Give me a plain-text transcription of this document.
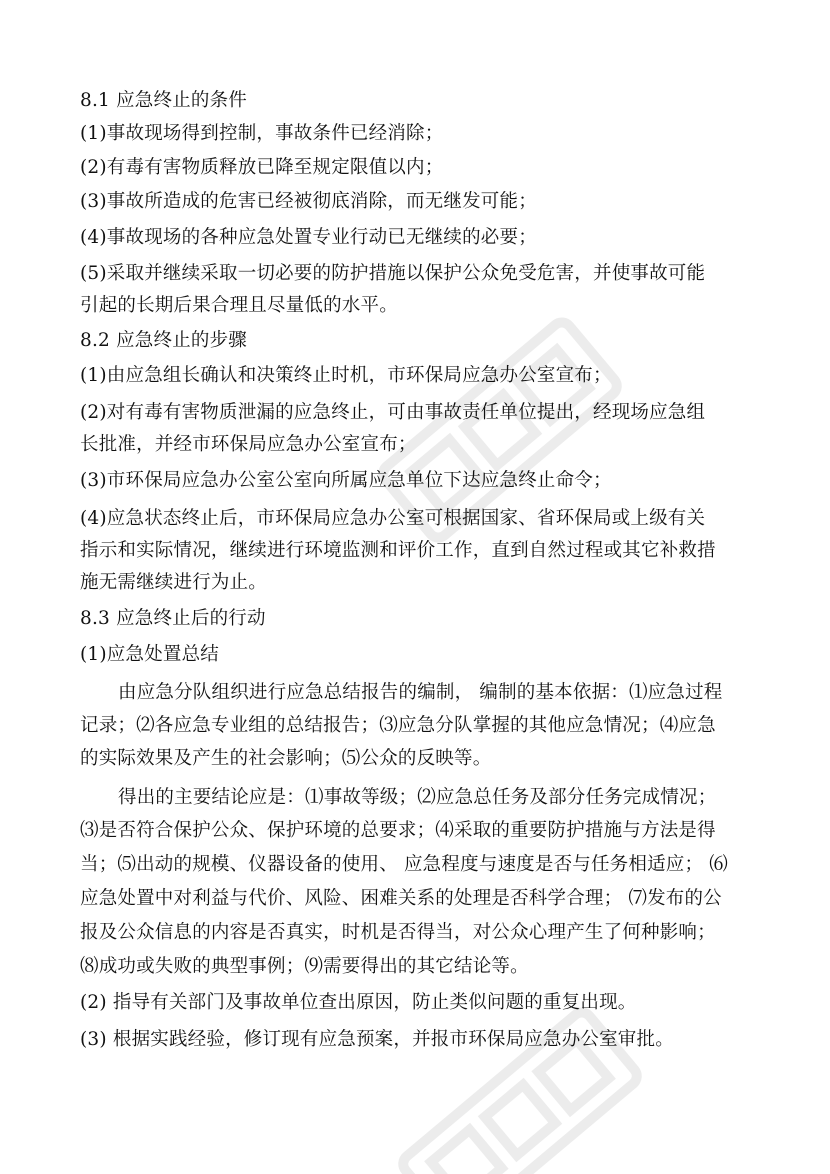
8.1 应急终止的条件
(1)事故现场得到控制，事故条件已经消除；
(2)有毒有害物质释放已降至规定限值以内；
(3)事故所造成的危害已经被彻底消除，而无继发可能；
(4)事故现场的各种应急处置专业行动已无继续的必要；
(5)采取并继续采取一切必要的防护措施以保护公众免受危害，并使事故可能
引起的长期后果合理且尽量低的水平。
8.2 应急终止的步骤
(1)由应急组长确认和决策终止时机，市环保局应急办公室宣布；
(2)对有毒有害物质泄漏的应急终止，可由事故责任单位提出，经现场应急组
长批准，并经市环保局应急办公室宣布；
(3)市环保局应急办公室公室向所属应急单位下达应急终止命令；
(4)应急状态终止后，市环保局应急办公室可根据国家、省环保局或上级有关
指示和实际情况，继续进行环境监测和评价工作，直到自然过程或其它补救措
施无需继续进行为止。
8.3 应急终止后的行动
(1)应急处置总结
由应急分队组织进行应急总结报告的编制， 编制的基本依据：⑴应急过程
记录；⑵各应急专业组的总结报告；⑶应急分队掌握的其他应急情况；⑷应急
的实际效果及产生的社会影响；⑸公众的反映等。
得出的主要结论应是：⑴事故等级；⑵应急总任务及部分任务完成情况；
⑶是否符合保护公众、保护环境的总要求；⑷采取的重要防护措施与方法是得
当；⑸出动的规模、仪器设备的使用、 应急程度与速度是否与任务相适应； ⑹
应急处置中对利益与代价、风险、困难关系的处理是否科学合理； ⑺发布的公
报及公众信息的内容是否真实，时机是否得当，对公众心理产生了何种影响；
⑻成功或失败的典型事例；⑼需要得出的其它结论等。
(2) 指导有关部门及事故单位查出原因，防止类似问题的重复出现。
(3) 根据实践经验，修订现有应急预案，并报市环保局应急办公室审批。
